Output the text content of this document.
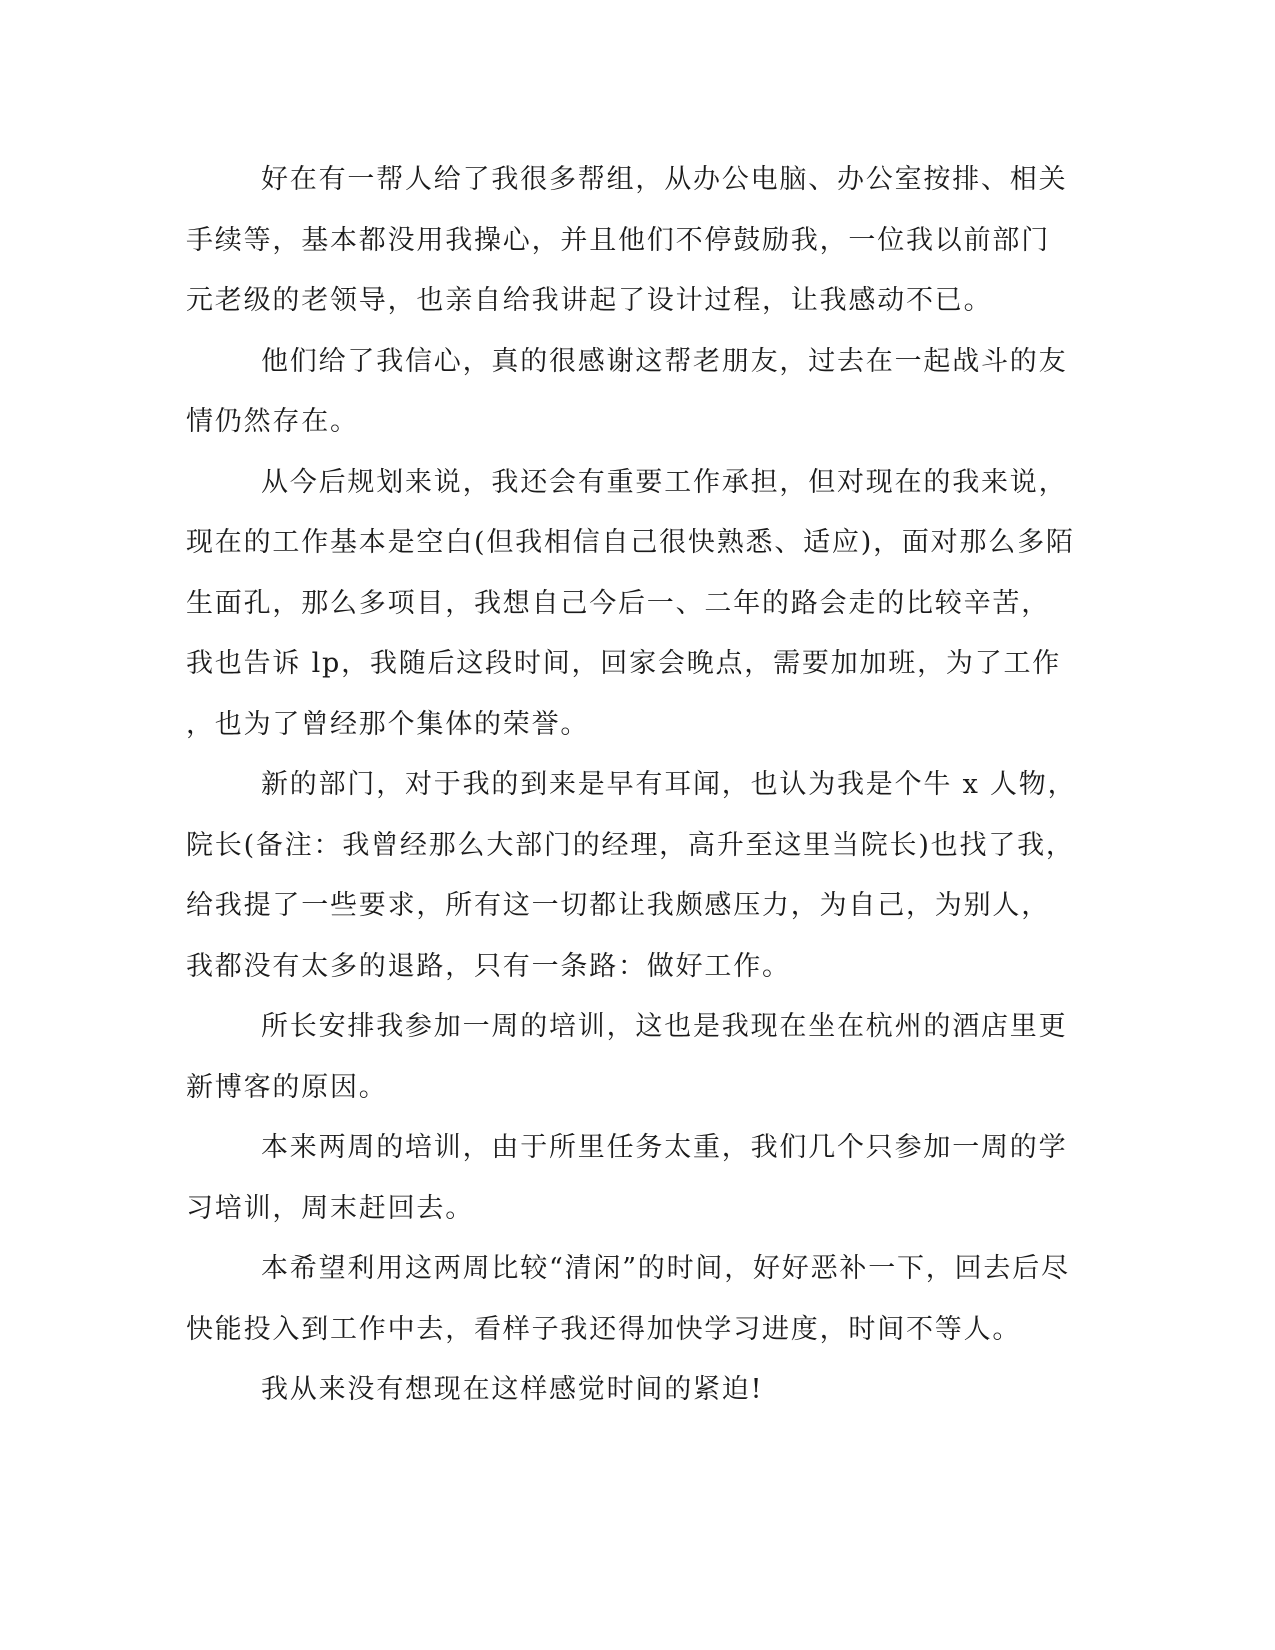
好在有一帮人给了我很多帮组，从办公电脑、办公室按排、相关
手续等，基本都没用我操心，并且他们不停鼓励我，一位我以前部门
元老级的老领导，也亲自给我讲起了设计过程，让我感动不已。
他们给了我信心，真的很感谢这帮老朋友，过去在一起战斗的友
情仍然存在。
从今后规划来说，我还会有重要工作承担，但对现在的我来说，
现在的工作基本是空白(但我相信自己很快熟悉、适应)，面对那么多陌
生面孔，那么多项目，我想自己今后一、二年的路会走的比较辛苦，
我也告诉 lp，我随后这段时间，回家会晚点，需要加加班，为了工作
，也为了曾经那个集体的荣誉。
新的部门，对于我的到来是早有耳闻，也认为我是个牛 x 人物，
院长(备注：我曾经那么大部门的经理，高升至这里当院长)也找了我，
给我提了一些要求，所有这一切都让我颇感压力，为自己，为别人，
我都没有太多的退路，只有一条路：做好工作。
所长安排我参加一周的培训，这也是我现在坐在杭州的酒店里更
新博客的原因。
本来两周的培训，由于所里任务太重，我们几个只参加一周的学
习培训，周末赶回去。
本希望利用这两周比较“清闲”的时间，好好恶补一下，回去后尽
快能投入到工作中去，看样子我还得加快学习进度，时间不等人。
我从来没有想现在这样感觉时间的紧迫!
